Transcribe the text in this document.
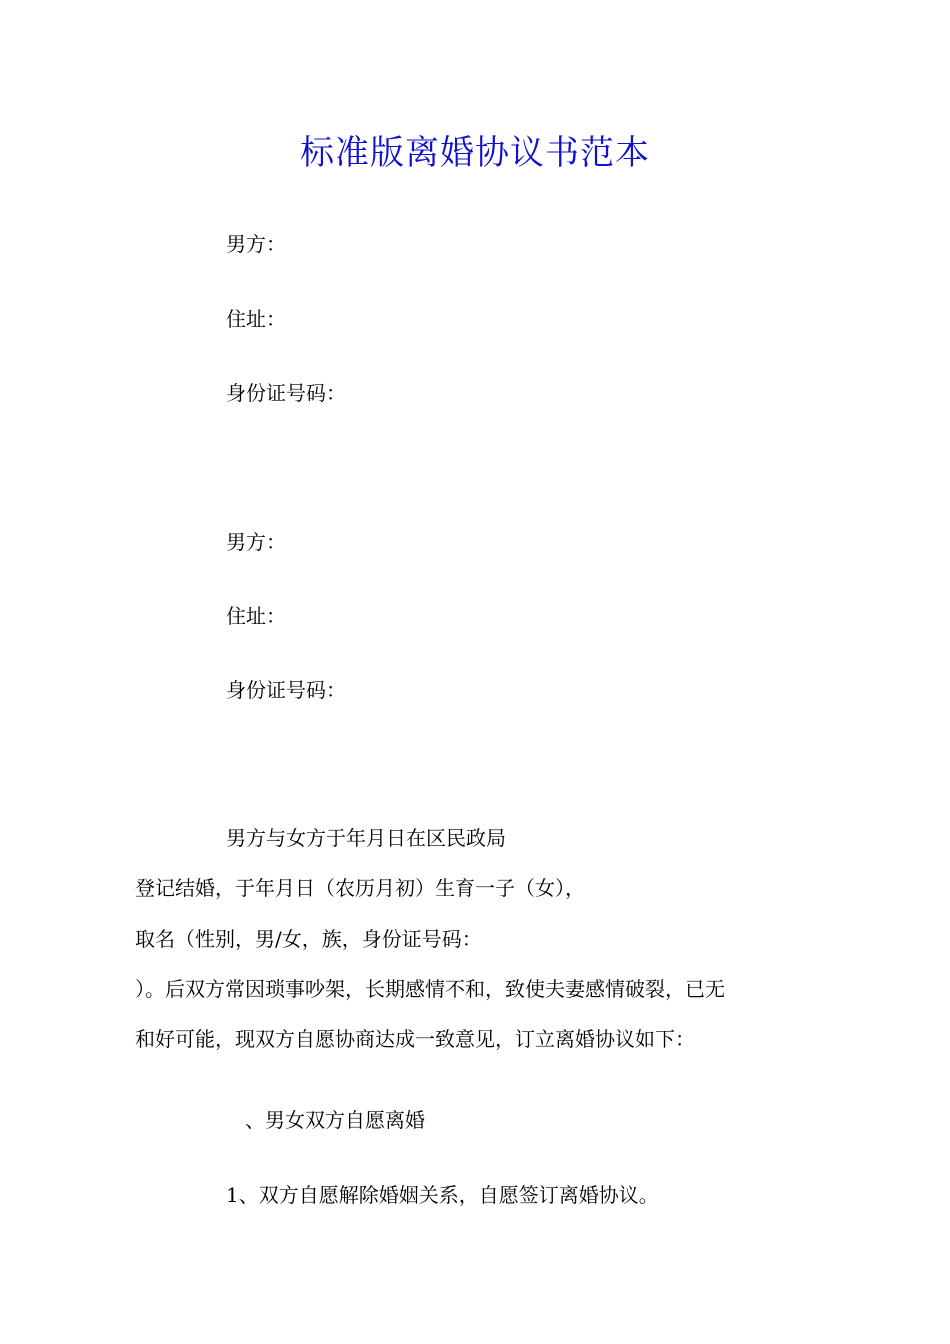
标准版离婚协议书范本
男方：
住址：
身份证号码：
男方：
住址：
身份证号码：
男方与女方于年月日在区民政局
登记结婚，于年月日（农历月初）生育一子（女），
取名（性别，男/女，族，身份证号码：
）。后双方常因琐事吵架，长期感情不和，致使夫妻感情破裂，已无
和好可能，现双方自愿协商达成一致意见，订立离婚协议如下：
、男女双方自愿离婚
1、双方自愿解除婚姻关系，自愿签订离婚协议。
